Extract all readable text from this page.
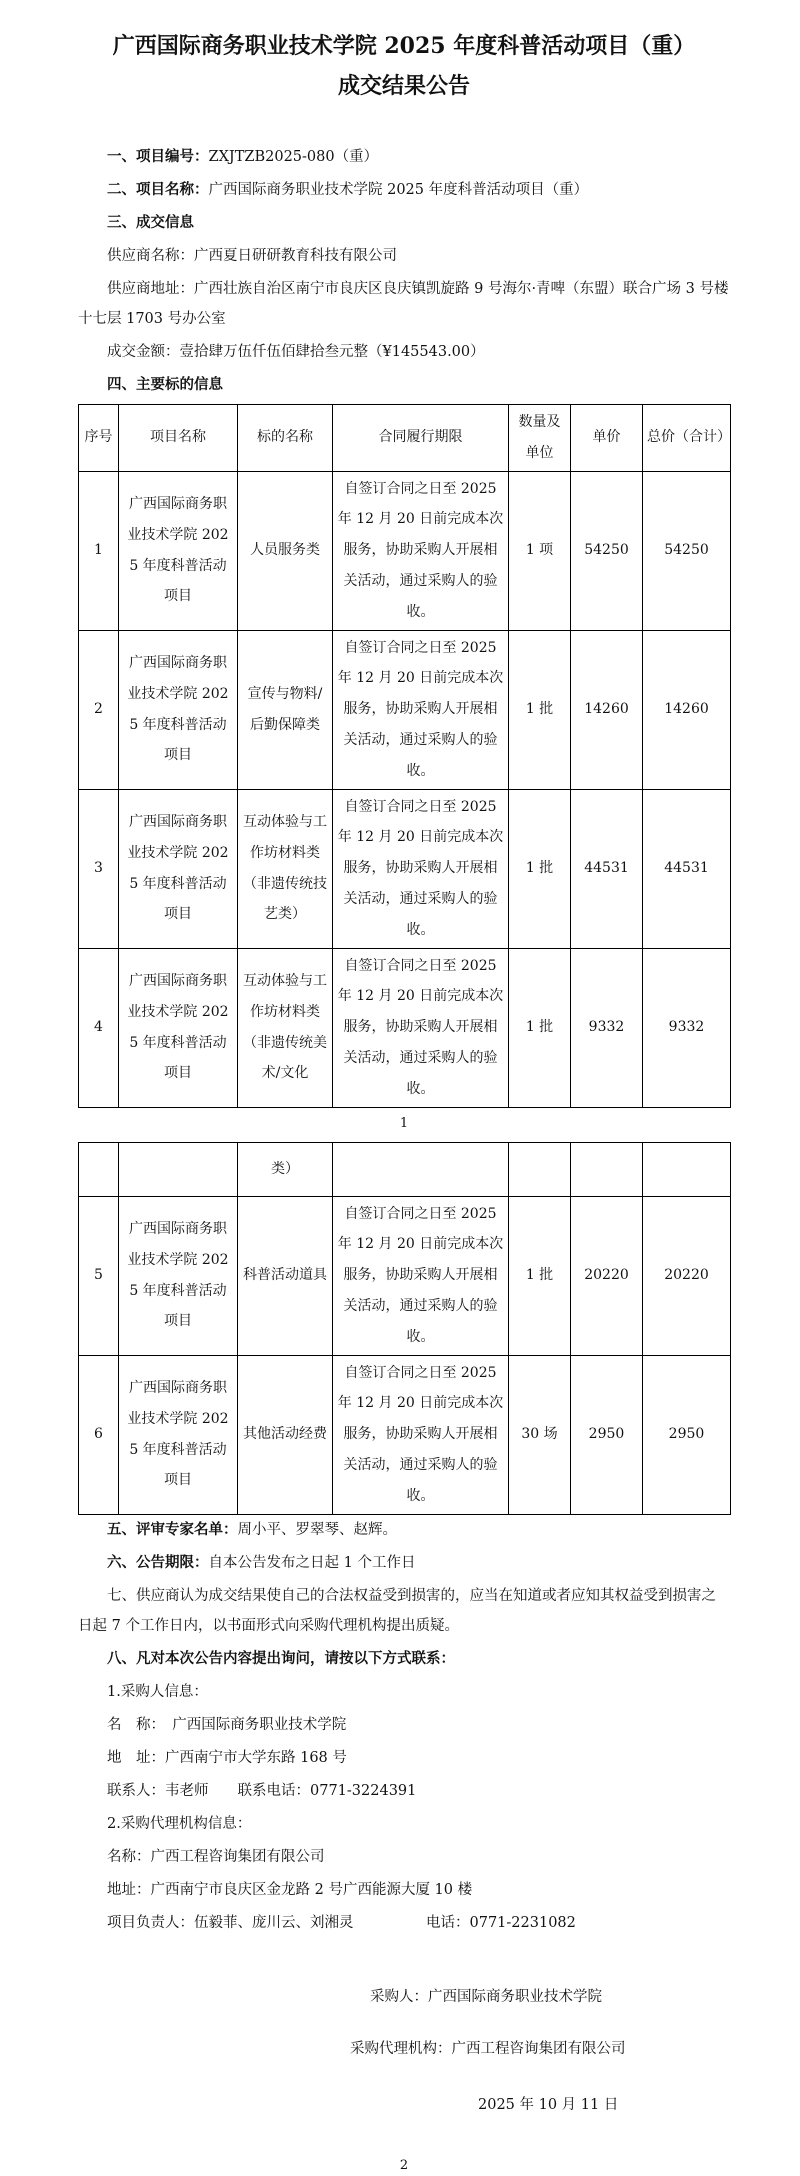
广西国际商务职业技术学院 2025 年度科普活动项目（重）

成交结果公告

一、项目编号：ZXJTZB2025-080（重）

二、项目名称：广西国际商务职业技术学院 2025 年度科普活动项目（重）

三、成交信息

供应商名称：广西夏日研研教育科技有限公司

供应商地址：广西壮族自治区南宁市良庆区良庆镇凯旋路 9 号海尔·青啤（东盟）联合广场 3 号楼十七层 1703 号办公室

成交金额：壹拾肆万伍仟伍佰肆拾叁元整（¥145543.00）

四、主要标的信息

序号	项目名称	标的名称	合同履行期限	数量及单位	单价	总价（合计）
1	广西国际商务职业技术学院 2025 年度科普活动项目	人员服务类	自签订合同之日至 2025 年 12 月 20 日前完成本次服务，协助采购人开展相关活动，通过采购人的验收。	1 项	54250	54250
2	广西国际商务职业技术学院 2025 年度科普活动项目	宣传与物料/后勤保障类	自签订合同之日至 2025 年 12 月 20 日前完成本次服务，协助采购人开展相关活动，通过采购人的验收。	1 批	14260	14260
3	广西国际商务职业技术学院 2025 年度科普活动项目	互动体验与工作坊材料类（非遗传统技艺类）	自签订合同之日至 2025 年 12 月 20 日前完成本次服务，协助采购人开展相关活动，通过采购人的验收。	1 批	44531	44531
4	广西国际商务职业技术学院 2025 年度科普活动项目	互动体验与工作坊材料类（非遗传统美术/文化	自签订合同之日至 2025 年 12 月 20 日前完成本次服务，协助采购人开展相关活动，通过采购人的验收。	1 批	9332	9332

1

		类）				
5	广西国际商务职业技术学院 2025 年度科普活动项目	科普活动道具	自签订合同之日至 2025 年 12 月 20 日前完成本次服务，协助采购人开展相关活动，通过采购人的验收。	1 批	20220	20220
6	广西国际商务职业技术学院 2025 年度科普活动项目	其他活动经费	自签订合同之日至 2025 年 12 月 20 日前完成本次服务，协助采购人开展相关活动，通过采购人的验收。	30 场	2950	2950

五、评审专家名单：周小平、罗翠琴、赵辉。

六、公告期限：自本公告发布之日起 1 个工作日

七、供应商认为成交结果使自己的合法权益受到损害的，应当在知道或者应知其权益受到损害之日起 7 个工作日内，以书面形式向采购代理机构提出质疑。

八、凡对本次公告内容提出询问，请按以下方式联系：

1.采购人信息：

名　称：　广西国际商务职业技术学院

地　址：广西南宁市大学东路 168 号

联系人：韦老师　　联系电话：0771-3224391

2.采购代理机构信息：

名称：广西工程咨询集团有限公司

地址：广西南宁市良庆区金龙路 2 号广西能源大厦 10 楼

项目负责人：伍毅菲、庞川云、刘湘灵　　　　　电话：0771-2231082

采购人：广西国际商务职业技术学院

采购代理机构：广西工程咨询集团有限公司

2025 年 10 月 11 日

2
